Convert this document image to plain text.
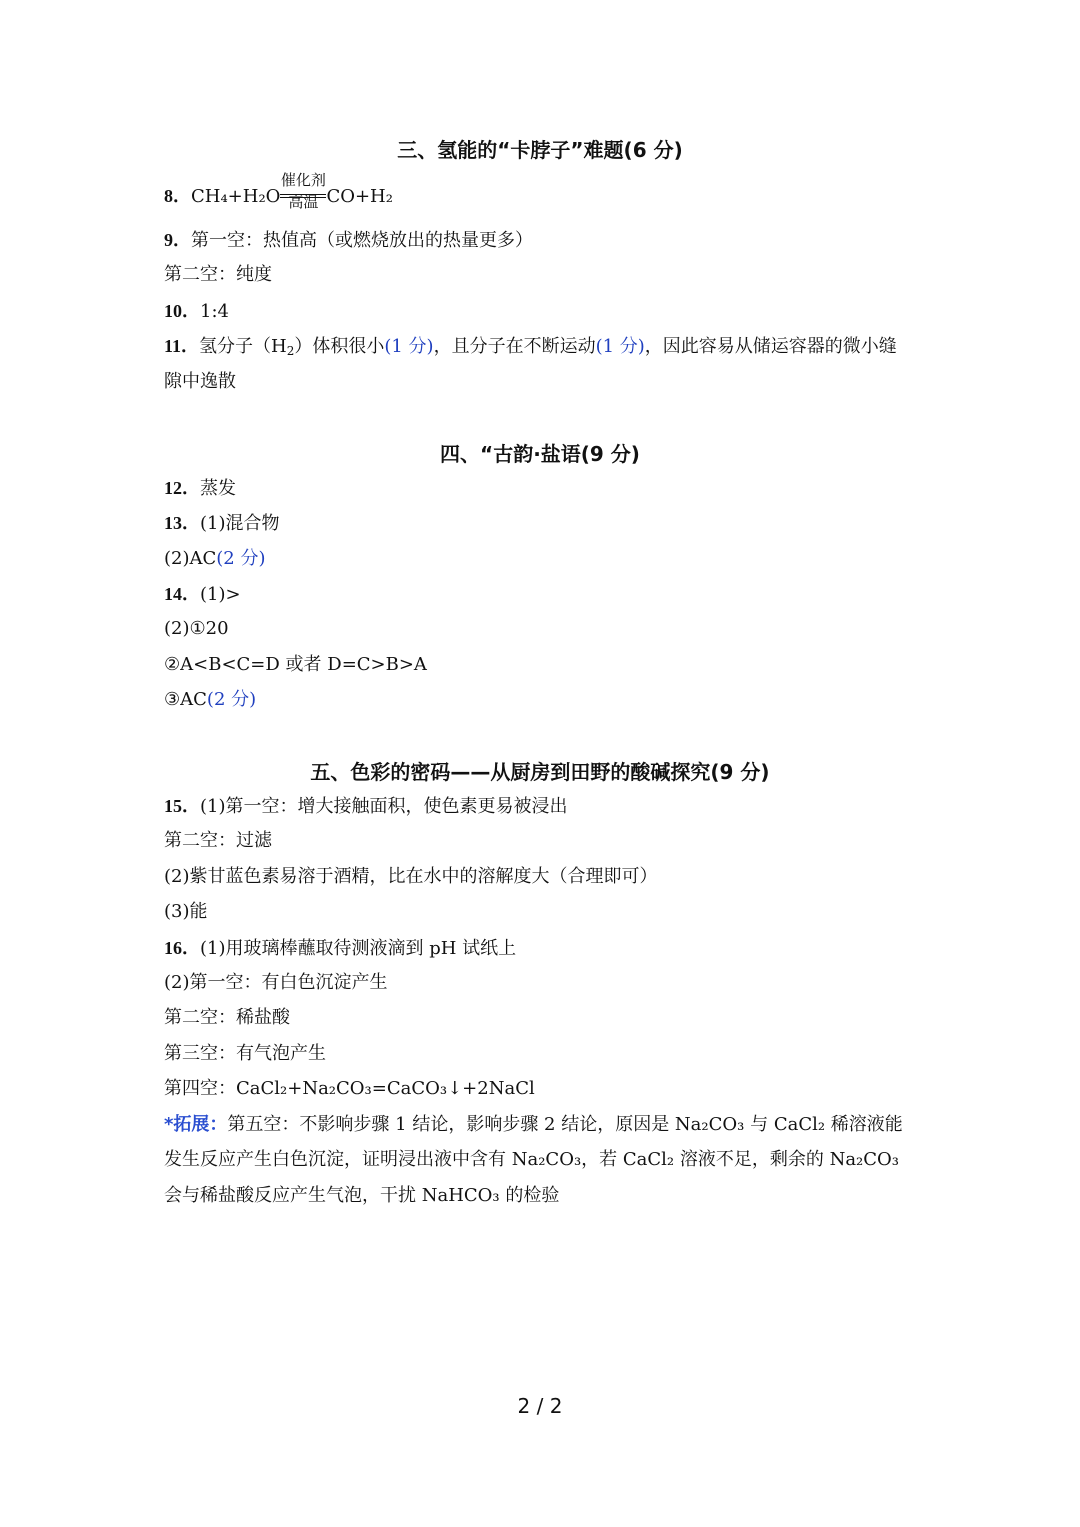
三、氢能的“卡脖子”难题(6 分)
8．CH₄+H₂O
催化剂
高温 CO+H₂
9．第一空：热值高（或燃烧放出的热量更多）
第二空：纯度
10．1:4
11．氢分子$(H_2)$体积很小(1 分)，且分子在不断运动(1 分)，因此容易从储运容器的微小缝
隙中逸散
四、“古韵·盐语(9 分)
12．蒸发
13．(1)混合物
(2)AC(2 分)
14．(1)>
(2)①20
②A<B<C=D 或者 D=C>B>A
③AC(2 分)
五、色彩的密码——从厨房到田野的酸碱探究(9 分)
15．(1)第一空：增大接触面积，使色素更易被浸出
第二空：过滤
(2)紫甘蓝色素易溶于酒精，比在水中的溶解度大（合理即可）
(3)能
16．(1)用玻璃棒蘸取待测液滴到 pH 试纸上
(2)第一空：有白色沉淀产生
第二空：稀盐酸
第三空：有气泡产生
第四空：CaCl₂+Na₂CO₃=CaCO₃↓+2NaCl
*拓展：第五空：不影响步骤 1 结论，影响步骤 2 结论，原因是 Na₂CO₃ 与 CaCl₂ 稀溶液能
发生反应产生白色沉淀，证明浸出液中含有 Na₂CO₃，若 CaCl₂ 溶液不足，剩余的 Na₂CO₃
会与稀盐酸反应产生气泡，干扰 NaHCO₃ 的检验
2 / 2
